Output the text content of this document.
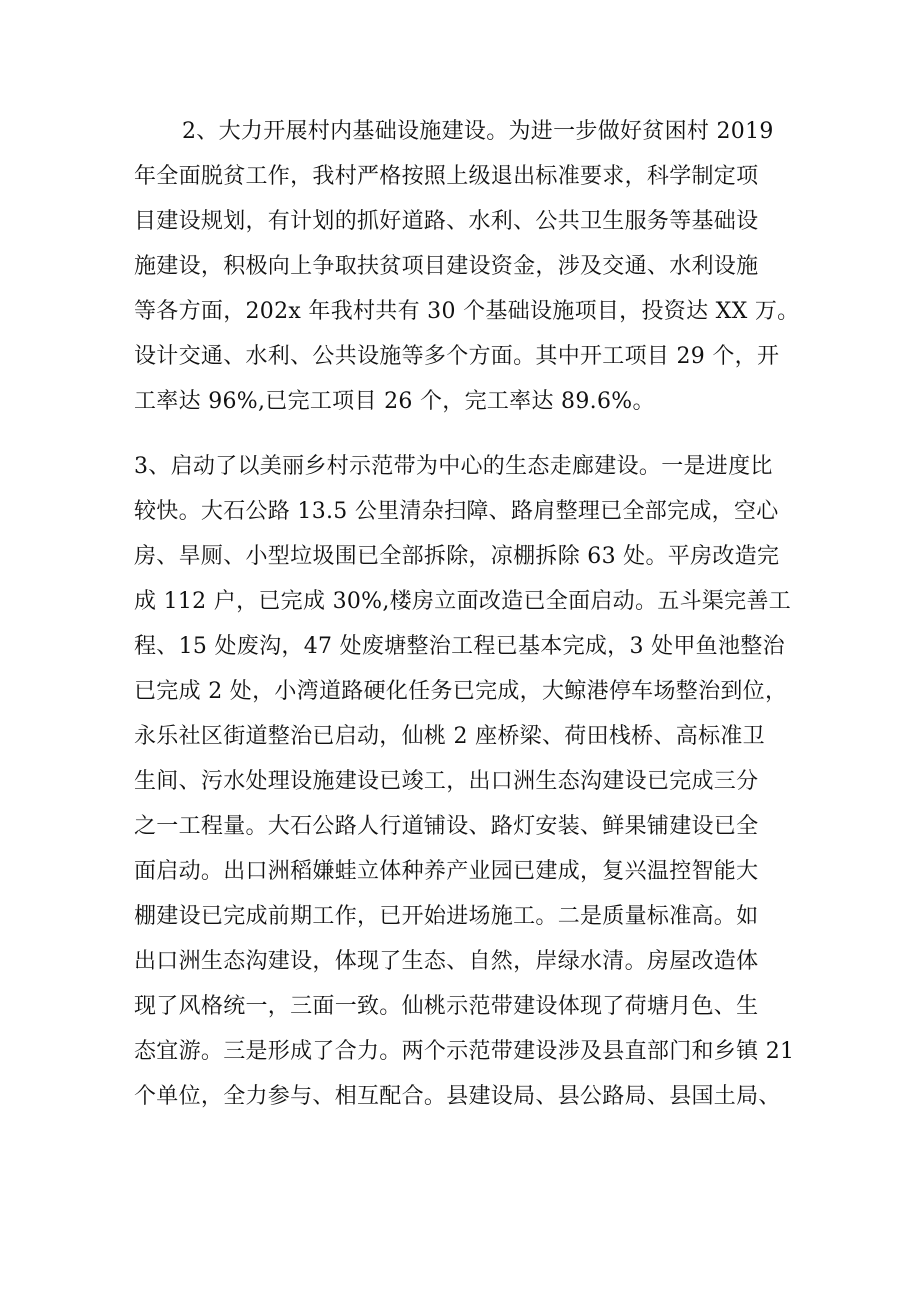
2、大力开展村内基础设施建设。为进一步做好贫困村 2019
年全面脱贫工作，我村严格按照上级退出标准要求，科学制定项
目建设规划，有计划的抓好道路、水利、公共卫生服务等基础设
施建设，积极向上争取扶贫项目建设资金，涉及交通、水利设施
等各方面，202x 年我村共有 30 个基础设施项目，投资达 XX 万。
设计交通、水利、公共设施等多个方面。其中开工项目 29 个，开
工率达 96%,已完工项目 26 个，完工率达 89.6%。
3、启动了以美丽乡村示范带为中心的生态走廊建设。一是进度比
较快。大石公路 13.5 公里清杂扫障、路肩整理已全部完成，空心
房、旱厕、小型垃圾围已全部拆除，凉棚拆除 63 处。平房改造完
成 112 户，已完成 30%,楼房立面改造已全面启动。五斗渠完善工
程、15 处废沟，47 处废塘整治工程已基本完成，3 处甲鱼池整治
已完成 2 处，小湾道路硬化任务已完成，大鲸港停车场整治到位，
永乐社区街道整治已启动，仙桃 2 座桥梁、荷田栈桥、高标准卫
生间、污水处理设施建设已竣工，出口洲生态沟建设已完成三分
之一工程量。大石公路人行道铺设、路灯安装、鲜果铺建设已全
面启动。出口洲稻嫌蛙立体种养产业园已建成，复兴温控智能大
棚建设已完成前期工作，已开始进场施工。二是质量标准高。如
出口洲生态沟建设，体现了生态、自然，岸绿水清。房屋改造体
现了风格统一，三面一致。仙桃示范带建设体现了荷塘月色、生
态宜游。三是形成了合力。两个示范带建设涉及县直部门和乡镇 21
个单位，全力参与、相互配合。县建设局、县公路局、县国土局、
